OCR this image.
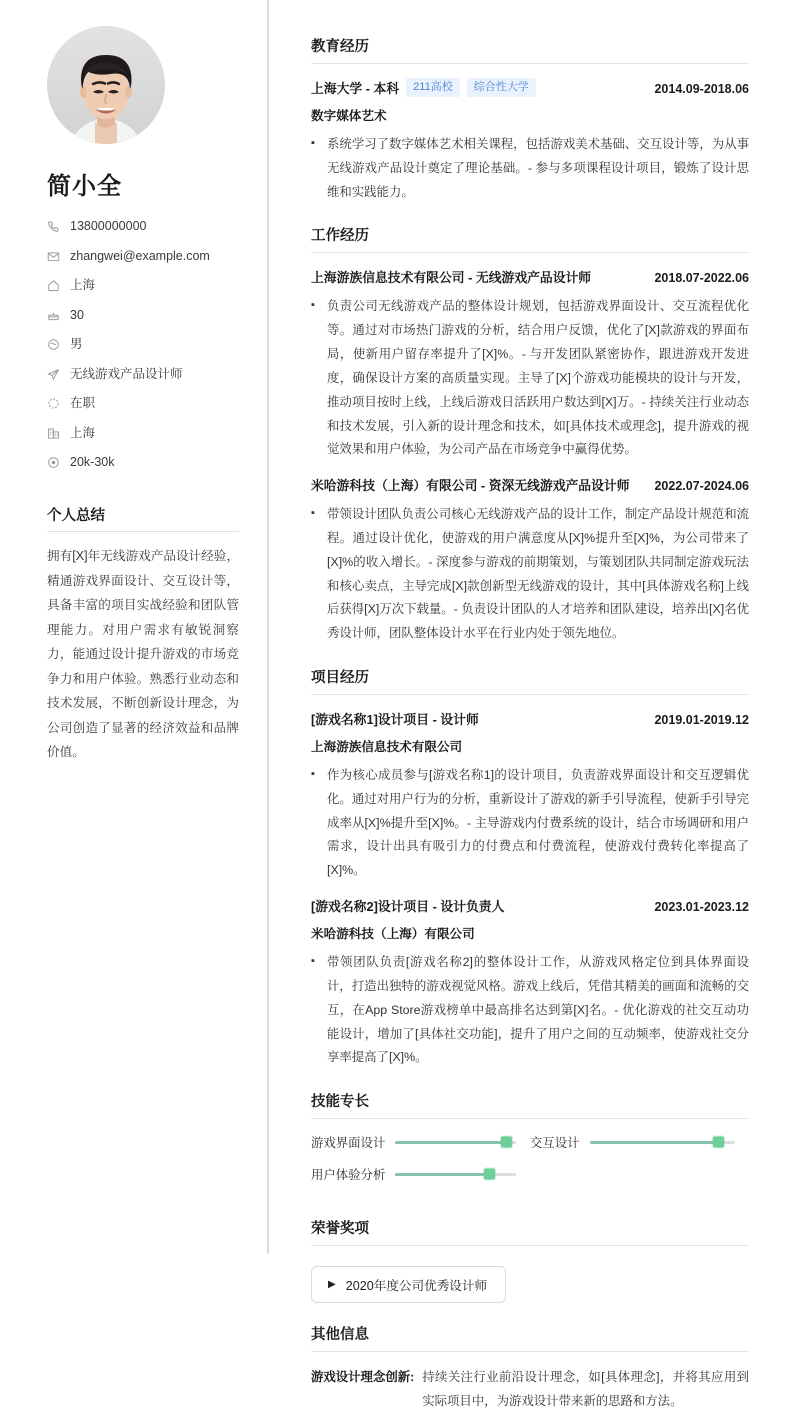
简小全
13800000000
zhangwei@example.com
上海
30
男
无线游戏产品设计师
在职
上海
20k-30k
个人总结

拥有[X]年无线游戏产品设计经验，精通游戏界面设计、交互设计等，具备丰富的项目实战经验和团队管理能力。对用户需求有敏锐洞察力，能通过设计提升游戏的市场竞争力和用户体验。熟悉行业动态和技术发展，不断创新设计理念，为公司创造了显著的经济效益和品牌价值。

教育经历
上海大学 - 本科	211高校	综合性大学	2014.09-2018.06
数字媒体艺术
▪ 系统学习了数字媒体艺术相关课程，包括游戏美术基础、交互设计等，为从事无线游戏产品设计奠定了理论基础。- 参与多项课程设计项目，锻炼了设计思维和实践能力。
工作经历
上海游族信息技术有限公司 - 无线游戏产品设计师	2018.07-2022.06
▪ 负责公司无线游戏产品的整体设计规划，包括游戏界面设计、交互流程优化等。通过对市场热门游戏的分析，结合用户反馈，优化了[X]款游戏的界面布局，使新用户留存率提升了[X]%。- 与开发团队紧密协作，跟进游戏开发进度，确保设计方案的高质量实现。主导了[X]个游戏功能模块的设计与开发，推动项目按时上线，上线后游戏日活跃用户数达到[X]万。- 持续关注行业动态和技术发展，引入新的设计理念和技术，如[具体技术或理念]，提升游戏的视觉效果和用户体验，为公司产品在市场竞争中赢得优势。
米哈游科技（上海）有限公司 - 资深无线游戏产品设计师 2022.07-2024.06
▪ 带领设计团队负责公司核心无线游戏产品的设计工作，制定产品设计规范和流程。通过设计优化，使游戏的用户满意度从[X]%提升至[X]%，为公司带来了[X]%的收入增长。- 深度参与游戏的前期策划，与策划团队共同制定游戏玩法和核心卖点，主导完成[X]款创新型无线游戏的设计，其中[具体游戏名称]上线后获得[X]万次下载量。- 负责设计团队的人才培养和团队建设，培养出[X]名优秀设计师，团队整体设计水平在行业内处于领先地位。
项目经历
[游戏名称1]设计项目 - 设计师	2019.01-2019.12
上海游族信息技术有限公司
▪ 作为核心成员参与[游戏名称1]的设计项目，负责游戏界面设计和交互逻辑优化。通过对用户行为的分析，重新设计了游戏的新手引导流程，使新手引导完成率从[X]%提升至[X]%。- 主导游戏内付费系统的设计，结合市场调研和用户需求，设计出具有吸引力的付费点和付费流程，使游戏付费转化率提高了[X]%。
[游戏名称2]设计项目 - 设计负责人	2023.01-2023.12
米哈游科技（上海）有限公司
▪ 带领团队负责[游戏名称2]的整体设计工作，从游戏风格定位到具体界面设计，打造出独特的游戏视觉风格。游戏上线后，凭借其精美的画面和流畅的交互，在App Store游戏榜单中最高排名达到第[X]名。- 优化游戏的社交互动功能设计，增加了[具体社交功能]，提升了用户之间的互动频率，使游戏社交分享率提高了[X]%。
技能专长
游戏界面设计	交互设计
用户体验分析
荣誉奖项
▶ 2020年度公司优秀设计师
其他信息
游戏设计理念创新: 持续关注行业前沿设计理念，如[具体理念]，并将其应用到实际项目中，为游戏设计带来新的思路和方法。
